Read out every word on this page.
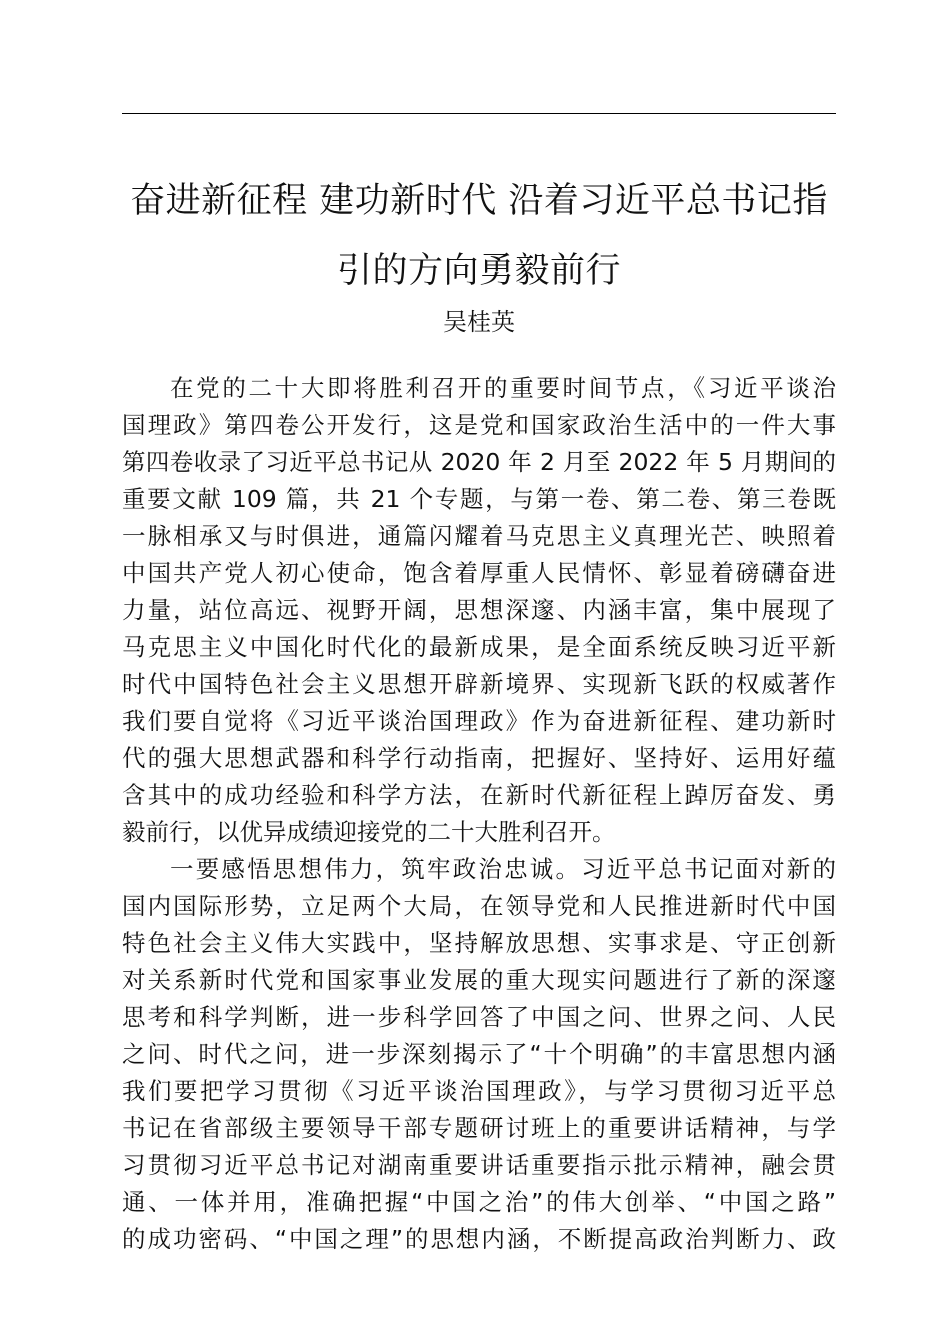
奋进新征程 建功新时代 沿着习近平总书记指
引的方向勇毅前行
吴桂英
在党的二十大即将胜利召开的重要时间节点，《习近平谈治
国理政》第四卷公开发行，这是党和国家政治生活中的一件大事
第四卷收录了习近平总书记从 2020 年 2 月至 2022 年 5 月期间的
重要文献 109 篇，共 21 个专题，与第一卷、第二卷、第三卷既
一脉相承又与时俱进，通篇闪耀着马克思主义真理光芒、映照着
中国共产党人初心使命，饱含着厚重人民情怀、彰显着磅礴奋进
力量，站位高远、视野开阔，思想深邃、内涵丰富，集中展现了
马克思主义中国化时代化的最新成果，是全面系统反映习近平新
时代中国特色社会主义思想开辟新境界、实现新飞跃的权威著作
我们要自觉将《习近平谈治国理政》作为奋进新征程、建功新时
代的强大思想武器和科学行动指南，把握好、坚持好、运用好蕴
含其中的成功经验和科学方法，在新时代新征程上踔厉奋发、勇
毅前行，以优异成绩迎接党的二十大胜利召开。
一要感悟思想伟力，筑牢政治忠诚。习近平总书记面对新的
国内国际形势，立足两个大局，在领导党和人民推进新时代中国
特色社会主义伟大实践中，坚持解放思想、实事求是、守正创新
对关系新时代党和国家事业发展的重大现实问题进行了新的深邃
思考和科学判断，进一步科学回答了中国之问、世界之问、人民
之问、时代之问，进一步深刻揭示了“十个明确”的丰富思想内涵
我们要把学习贯彻《习近平谈治国理政》，与学习贯彻习近平总
书记在省部级主要领导干部专题研讨班上的重要讲话精神，与学
习贯彻习近平总书记对湖南重要讲话重要指示批示精神，融会贯
通、一体并用，准确把握“中国之治”的伟大创举、“中国之路”
的成功密码、“中国之理”的思想内涵，不断提高政治判断力、政
